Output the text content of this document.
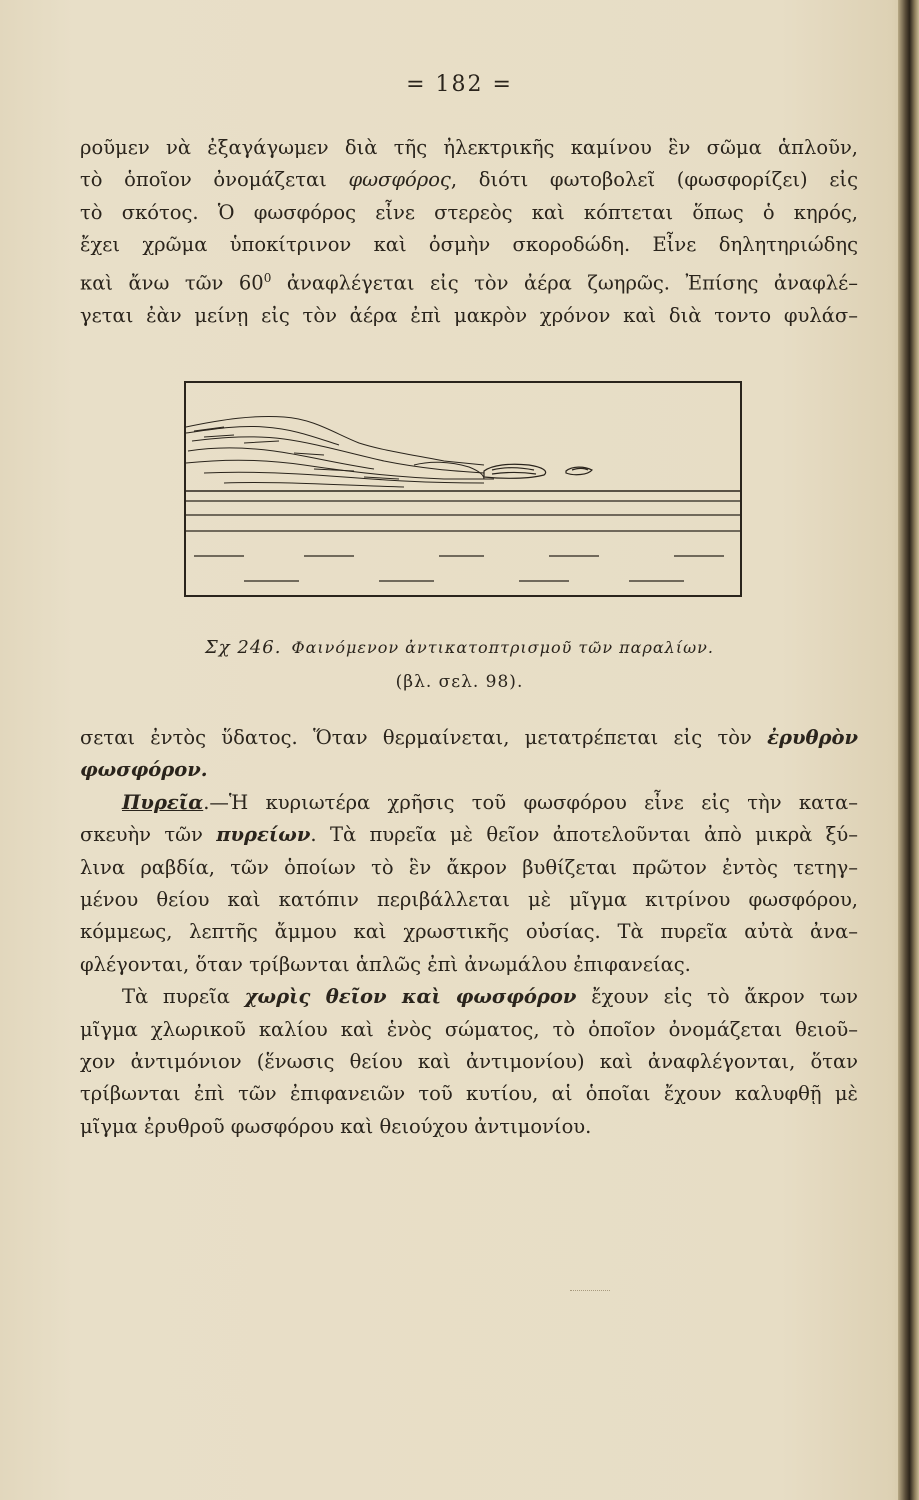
= 182 =
ροῦμεν νὰ ἐξαγάγωμεν διὰ τῆς ἠλεκτρικῆς καμίνου ἓν σῶμα ἁπλοῦν,
τὸ ὁποῖον ὀνομάζεται φωσφόρος, διότι φωτοβολεῖ (φωσφορίζει) εἰς
τὸ σκότος. Ὁ φωσφόρος εἶνε στερεὸς καὶ κόπτεται ὅπως ὁ κηρός,
ἔχει χρῶμα ὑποκίτρινον καὶ ὀσμὴν σκοροδώδη. Εἶνε δηλητηριώδης
καὶ ἄνω τῶν $60^0$ ἀναφλέγεται εἰς τὸν ἀέρα ζωηρῶς. Ἐπίσης ἀναφλέ–
γεται ἐὰν μείνῃ εἰς τὸν ἀέρα ἐπὶ μακρὸν χρόνον καὶ διὰ τοντο φυλάσ–
Σχ 246. Φαινόμενον ἀντικατοπτρισμοῦ τῶν παραλίων.
(βλ. σελ. 98).
σεται ἐντὸς ὕδατος. Ὅταν θερμαίνεται, μετατρέπεται εἰς τὸν ἐρυθρὸν
φωσφόρον.
Πυρεῖα.—Ἡ κυριωτέρα χρῆσις τοῦ φωσφόρου εἶνε εἰς τὴν κατα–
σκευὴν τῶν πυρείων. Τὰ πυρεῖα μὲ θεῖον ἀποτελοῦνται ἀπὸ μικρὰ ξύ–
λινα ραβδία, τῶν ὁποίων τὸ ἓν ἄκρον βυθίζεται πρῶτον ἐντὸς τετηγ–
μένου θείου καὶ κατόπιν περιβάλλεται μὲ μῖγμα κιτρίνου φωσφόρου,
κόμμεως, λεπτῆς ἄμμου καὶ χρωστικῆς οὐσίας. Τὰ πυρεῖα αὐτὰ ἀνα–
φλέγονται, ὅταν τρίβωνται ἁπλῶς ἐπὶ ἀνωμάλου ἐπιφανείας.
Τὰ πυρεῖα χωρὶς θεῖον καὶ φωσφόρον ἔχουν εἰς τὸ ἄκρον των
μῖγμα χλωρικοῦ καλίου καὶ ἑνὸς σώματος, τὸ ὁποῖον ὀνομάζεται θειοῦ–
χον ἀντιμόνιον (ἕνωσις θείου καὶ ἀντιμονίου) καὶ ἀναφλέγονται, ὅταν
τρίβωνται ἐπὶ τῶν ἐπιφανειῶν τοῦ κυτίου, αἱ ὁποῖαι ἔχουν καλυφθῇ μὲ
μῖγμα ἐρυθροῦ φωσφόρου καὶ θειούχου ἀντιμονίου.
